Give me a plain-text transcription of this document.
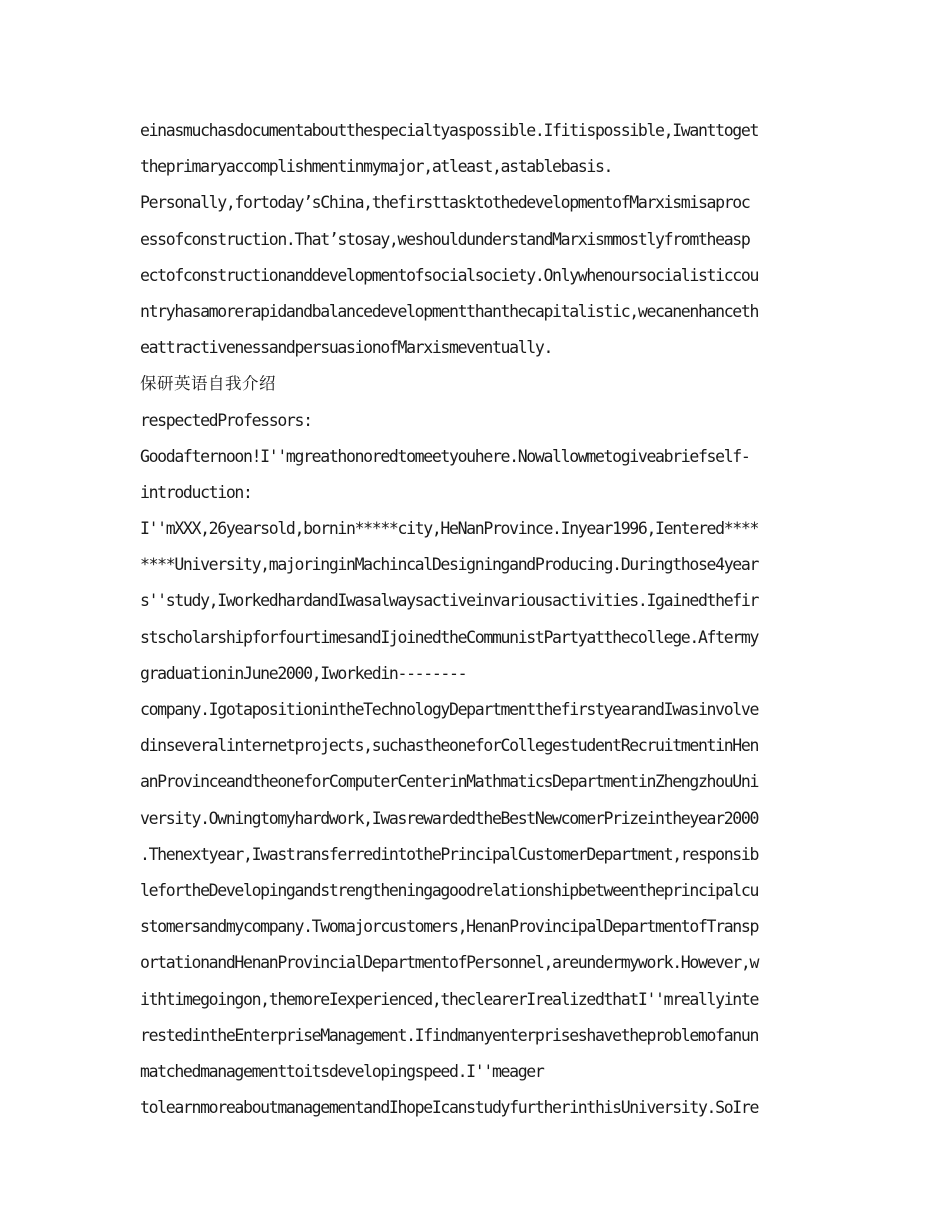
einasmuchasdocumentaboutthespecialtyaspossible.Ifitispossible,Iwanttoget
theprimaryaccomplishmentinmymajor,atleast,astablebasis.
Personally,fortoday’sChina,thefirsttasktothedevelopmentofMarxismisaproc
essofconstruction.That’stosay,weshouldunderstandMarxismmostlyfromtheasp
ectofconstructionanddevelopmentofsocialsociety.Onlywhenoursocialisticcou
ntryhasamorerapidandbalancedevelopmentthanthecapitalistic,wecanenhanceth
eattractivenessandpersuasionofMarxismeventually.
保研英语自我介绍
respectedProfessors:
Goodafternoon!I''mgreathonoredtomeetyouhere.Nowallowmetogiveabriefself-
introduction:
I''mXXX,26yearsold,bornin*****city,HeNanProvince.Inyear1996,Ientered****
****University,majoringinMachincalDesigningandProducing.Duringthose4year
s''study,IworkedhardandIwasalwaysactiveinvariousactivities.Igainedthefir
stscholarshipforfourtimesandIjoinedtheCommunistPartyatthecollege.Aftermy
graduationinJune2000,Iworkedin--------
company.IgotapositionintheTechnologyDepartmentthefirstyearandIwasinvolve
dinseveralinternetprojects,suchastheoneforCollegestudentRecruitmentinHen
anProvinceandtheoneforComputerCenterinMathmaticsDepartmentinZhengzhouUni
versity.Owningtomyhardwork,IwasrewardedtheBestNewcomerPrizeintheyear2000
.Thenextyear,IwastransferredintothePrincipalCustomerDepartment,responsib
lefortheDevelopingandstrengtheningagoodrelationshipbetweentheprincipalcu
stomersandmycompany.Twomajorcustomers,HenanProvincipalDepartmentofTransp
ortationandHenanProvincialDepartmentofPersonnel,areundermywork.However,w
ithtimegoingon,themoreIexperienced,theclearerIrealizedthatI''mreallyinte
restedintheEnterpriseManagement.Ifindmanyenterpriseshavetheproblemofanun
matchedmanagementtoitsdevelopingspeed.I''meager
tolearnmoreaboutmanagementandIhopeIcanstudyfurtherinthisUniversity.SoIre
